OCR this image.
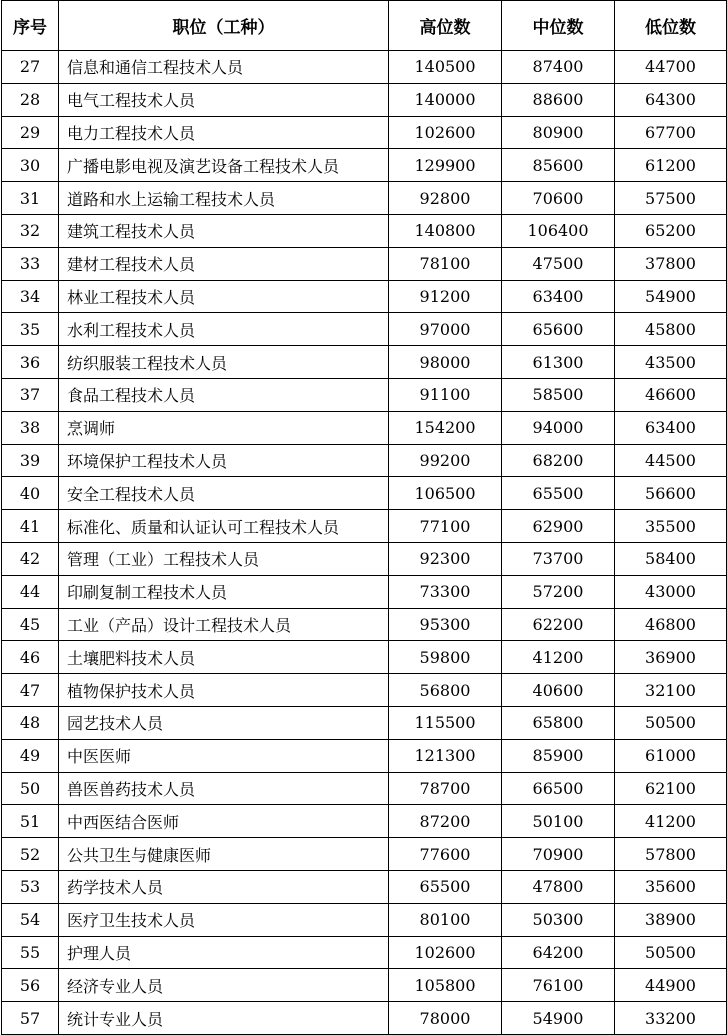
序号	职位（工种）	高位数	中位数	低位数
27	信息和通信工程技术人员	140500	87400	44700
28	电气工程技术人员	140000	88600	64300
29	电力工程技术人员	102600	80900	67700
30	广播电影电视及演艺设备工程技术人员	129900	85600	61200
31	道路和水上运输工程技术人员	92800	70600	57500
32	建筑工程技术人员	140800	106400	65200
33	建材工程技术人员	78100	47500	37800
34	林业工程技术人员	91200	63400	54900
35	水利工程技术人员	97000	65600	45800
36	纺织服装工程技术人员	98000	61300	43500
37	食品工程技术人员	91100	58500	46600
38	烹调师	154200	94000	63400
39	环境保护工程技术人员	99200	68200	44500
40	安全工程技术人员	106500	65500	56600
41	标准化、质量和认证认可工程技术人员	77100	62900	35500
42	管理（工业）工程技术人员	92300	73700	58400
44	印刷复制工程技术人员	73300	57200	43000
45	工业（产品）设计工程技术人员	95300	62200	46800
46	土壤肥料技术人员	59800	41200	36900
47	植物保护技术人员	56800	40600	32100
48	园艺技术人员	115500	65800	50500
49	中医医师	121300	85900	61000
50	兽医兽药技术人员	78700	66500	62100
51	中西医结合医师	87200	50100	41200
52	公共卫生与健康医师	77600	70900	57800
53	药学技术人员	65500	47800	35600
54	医疗卫生技术人员	80100	50300	38900
55	护理人员	102600	64200	50500
56	经济专业人员	105800	76100	44900
57	统计专业人员	78000	54900	33200
